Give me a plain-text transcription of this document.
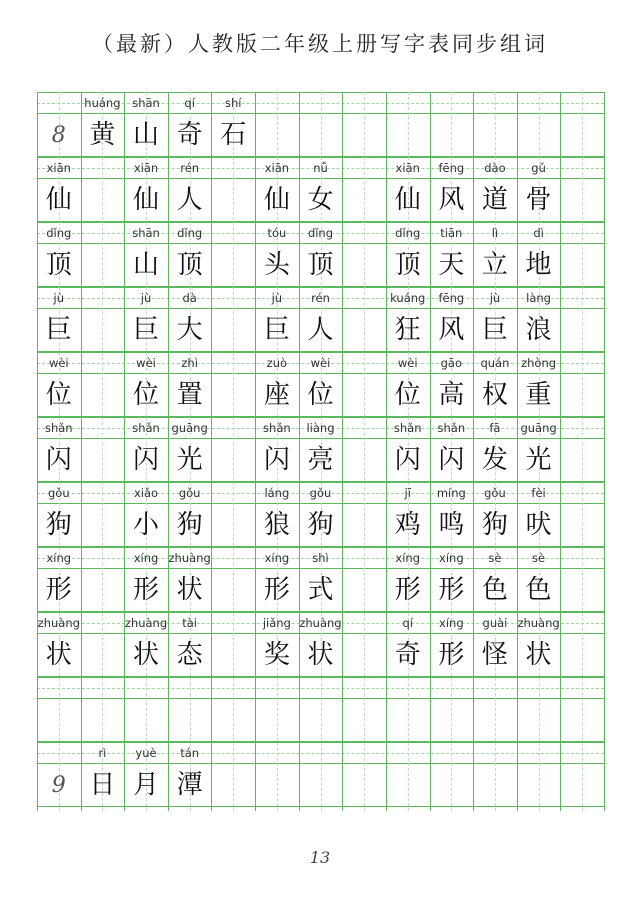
（最新）人教版二年级上册写字表同步组词
8
huáng
黄
shān
山
qí
奇
shí
石
xiān
仙
xiān
仙
rén
人
xiān
仙
nǚ
女
xiān
仙
fēng
风
dào
道
gǔ
骨
dǐng
顶
shān
山
dǐng
顶
tóu
头
dǐng
顶
dǐng
顶
tiān
天
lì
立
dì
地
jù
巨
jù
巨
dà
大
jù
巨
rén
人
kuáng
狂
fēng
风
jù
巨
làng
浪
wèi
位
wèi
位
zhì
置
zuò
座
wèi
位
wèi
位
gāo
高
quán
权
zhòng
重
shǎn
闪
shǎn
闪
guāng
光
shǎn
闪
liàng
亮
shǎn
闪
shǎn
闪
fā
发
guāng
光
gǒu
狗
xiǎo
小
gǒu
狗
láng
狼
gǒu
狗
jī
鸡
míng
鸣
gǒu
狗
fèi
吠
xíng
形
xíng
形
zhuàng
状
xíng
形
shì
式
xíng
形
xíng
形
sè
色
sè
色
zhuàng
状
zhuàng
状
tài
态
jiǎng
奖
zhuàng
状
qí
奇
xíng
形
guài
怪
zhuàng
状
9
rì
日
yuè
月
tán
潭
13
